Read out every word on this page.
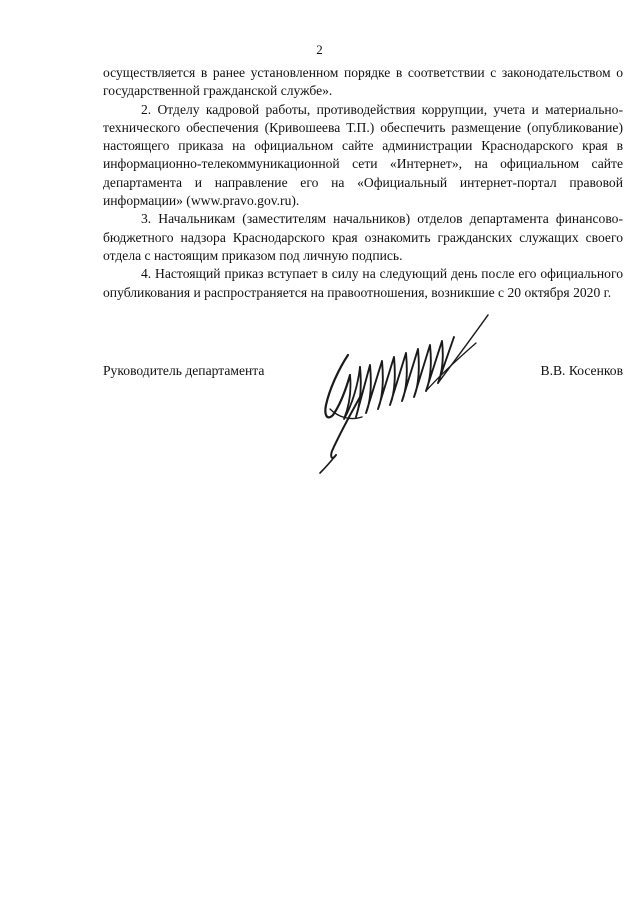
2

осуществляется в ранее установленном порядке в соответствии с законодательством о государственной гражданской службе».

2. Отделу кадровой работы, противодействия коррупции, учета и материально-технического обеспечения (Кривошеева Т.П.) обеспечить размещение (опубликование) настоящего приказа на официальном сайте администрации Краснодарского края в информационно-телекоммуникационной сети «Интернет», на официальном сайте департамента и направление его на «Официальный интернет-портал правовой информации» (www.pravo.gov.ru).

3. Начальникам (заместителям начальников) отделов департамента финансово-бюджетного надзора Краснодарского края ознакомить гражданских служащих своего отдела с настоящим приказом под личную подпись.

4. Настоящий приказ вступает в силу на следующий день после его официального опубликования и распространяется на правоотношения, возникшие с 20 октября 2020 г.

Руководитель департамента	В.В. Косенков
